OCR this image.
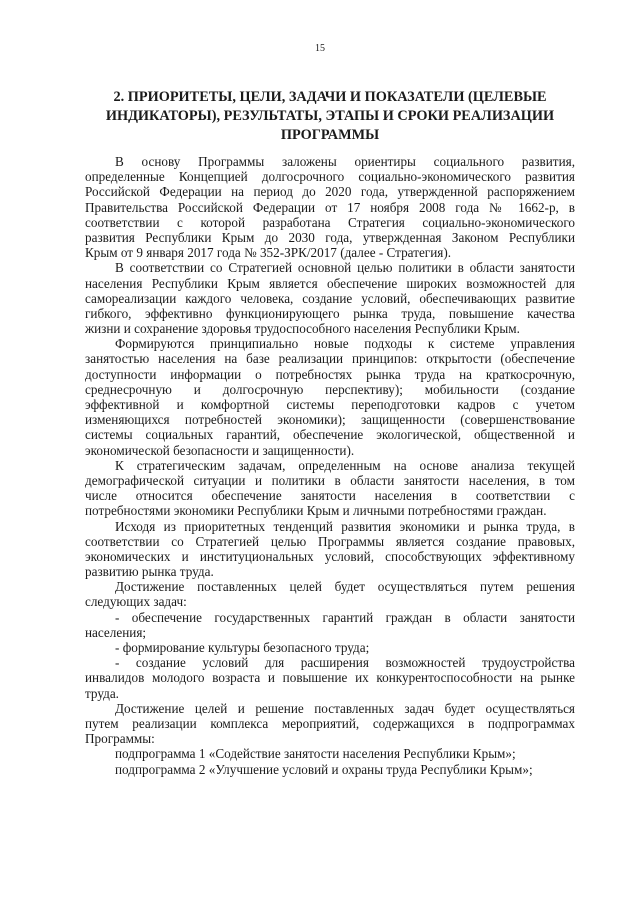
15
2. ПРИОРИТЕТЫ, ЦЕЛИ, ЗАДАЧИ И ПОКАЗАТЕЛИ (ЦЕЛЕВЫЕ
ИНДИКАТОРЫ), РЕЗУЛЬТАТЫ, ЭТАПЫ И СРОКИ РЕАЛИЗАЦИИ
ПРОГРАММЫ
В основу Программы заложены ориентиры социального развития,
определенные Концепцией долгосрочного социально-экономического развития
Российской Федерации на период до 2020 года, утвержденной распоряжением
Правительства Российской Федерации от 17 ноября 2008 года № 1662-р, в
соответствии с которой разработана Стратегия социально-экономического
развития Республики Крым до 2030 года, утвержденная Законом Республики
Крым от 9 января 2017 года № 352-ЗРК/2017 (далее - Стратегия).
В соответствии со Стратегией основной целью политики в области занятости
населения Республики Крым является обеспечение широких возможностей для
самореализации каждого человека, создание условий, обеспечивающих развитие
гибкого, эффективно функционирующего рынка труда, повышение качества
жизни и сохранение здоровья трудоспособного населения Республики Крым.
Формируются принципиально новые подходы к системе управления
занятостью населения на базе реализации принципов: открытости (обеспечение
доступности информации о потребностях рынка труда на краткосрочную,
среднесрочную и долгосрочную перспективу); мобильности (создание
эффективной и комфортной системы переподготовки кадров с учетом
изменяющихся потребностей экономики); защищенности (совершенствование
системы социальных гарантий, обеспечение экологической, общественной и
экономической безопасности и защищенности).
К стратегическим задачам, определенным на основе анализа текущей
демографической ситуации и политики в области занятости населения, в том
числе относится обеспечение занятости населения в соответствии с
потребностями экономики Республики Крым и личными потребностями граждан.
Исходя из приоритетных тенденций развития экономики и рынка труда, в
соответствии со Стратегией целью Программы является создание правовых,
экономических и институциональных условий, способствующих эффективному
развитию рынка труда.
Достижение поставленных целей будет осуществляться путем решения
следующих задач:
- обеспечение государственных гарантий граждан в области занятости
населения;
- формирование культуры безопасного труда;
- создание условий для расширения возможностей трудоустройства
инвалидов молодого возраста и повышение их конкурентоспособности на рынке
труда.
Достижение целей и решение поставленных задач будет осуществляться
путем реализации комплекса мероприятий, содержащихся в подпрограммах
Программы:
подпрограмма 1 «Содействие занятости населения Республики Крым»;
подпрограмма 2 «Улучшение условий и охраны труда Республики Крым»;
